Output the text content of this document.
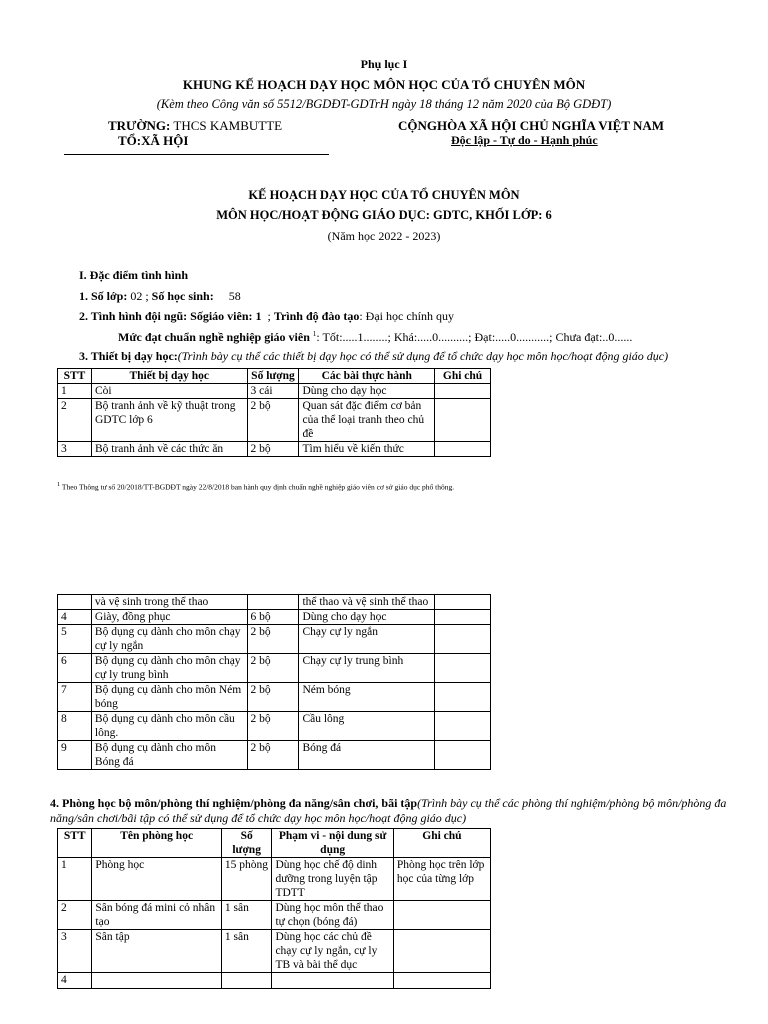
Phụ lục I
KHUNG KẾ HOẠCH DẠY HỌC MÔN HỌC CỦA TỔ CHUYÊN MÔN
(Kèm theo Công văn số 5512/BGDĐT-GDTrH ngày 18 tháng 12 năm 2020 của Bộ GDĐT)
TRƯỜNG: THCS KAMBUTTE
TỔ:XÃ HỘI
CỘNGHÒA XÃ HỘI CHỦ NGHĨA VIỆT NAM
Độc lập - Tự do - Hạnh phúc
KẾ HOẠCH DẠY HỌC CỦA TỔ CHUYÊN MÔN
MÔN HỌC/HOẠT ĐỘNG GIÁO DỤC: GDTC, KHỐI LỚP: 6
(Năm học 2022 - 2023)
I. Đặc điểm tình hình
1. Số lớp: 02 ; Số học sinh:     58
2. Tình hình đội ngũ: Sốgiáo viên: 1  ; Trình độ đào tạo: Đại học chính quy
Mức đạt chuẩn nghề nghiệp giáo viên $^1$: Tốt:.....1........; Khá:.....0..........; Đạt:.....0...........; Chưa đạt:..0......
3. Thiết bị dạy học:(Trình bày cụ thể các thiết bị dạy học có thể sử dụng để tổ chức dạy học môn học/hoạt động giáo dục)
STT	Thiết bị dạy học	Số lượng	Các bài thực hành	Ghi chú
1	Còi	3 cái	Dùng cho dạy học	
2	Bộ tranh ảnh về kỹ thuật trong GDTC lớp 6	2 bộ	Quan sát đặc điểm cơ bản của thể loại tranh theo chủ đề	
3	Bộ tranh ảnh về các thức ăn	2 bộ	Tìm hiểu về kiến thức	
$^1$ Theo Thông tư số 20/2018/TT-BGDĐT ngày 22/8/2018 ban hành quy định chuẩn nghề nghiệp giáo viên cơ sở giáo dục phổ thông.
	và vệ sinh trong thể thao		thể thao và vệ sinh thể thao	
4	Giày, đồng phục	6 bộ	Dùng cho dạy học	
5	Bộ dụng cụ dành cho môn chạy cự ly ngắn	2 bộ	Chạy cự ly ngắn	
6	Bộ dụng cụ dành cho môn chạy cự ly trung bình	2 bộ	Chạy cự ly trung bình	
7	Bộ dụng cụ dành cho môn Ném bóng	2 bộ	Ném bóng	
8	Bộ dụng cụ dành cho môn cầu lông.	2 bộ	Cầu lông	
9	Bộ dụng cụ dành cho môn Bóng đá	2 bộ	Bóng đá	
4. Phòng học bộ môn/phòng thí nghiệm/phòng đa năng/sân chơi, bãi tập(Trình bày cụ thể các phòng thí nghiệm/phòng bộ môn/phòng đa năng/sân chơi/bãi tập có thể sử dụng để tổ chức dạy học môn học/hoạt động giáo dục)
STT	Tên phòng học	Số lượng	Phạm vi - nội dung sử dụng	Ghi chú
1	Phòng học	15 phòng	Dùng học chế độ dinh dưỡng trong luyện tập TDTT	Phòng học trên lớp học của từng lớp
2	Sân bóng đá mini cỏ nhân tạo	1 sân	Dùng học môn thể thao tự chọn (bóng đá)	
3	Sân tập	1 sân	Dùng học các chủ đề chạy cự ly ngắn, cự ly TB và bài thể dục	
4				
